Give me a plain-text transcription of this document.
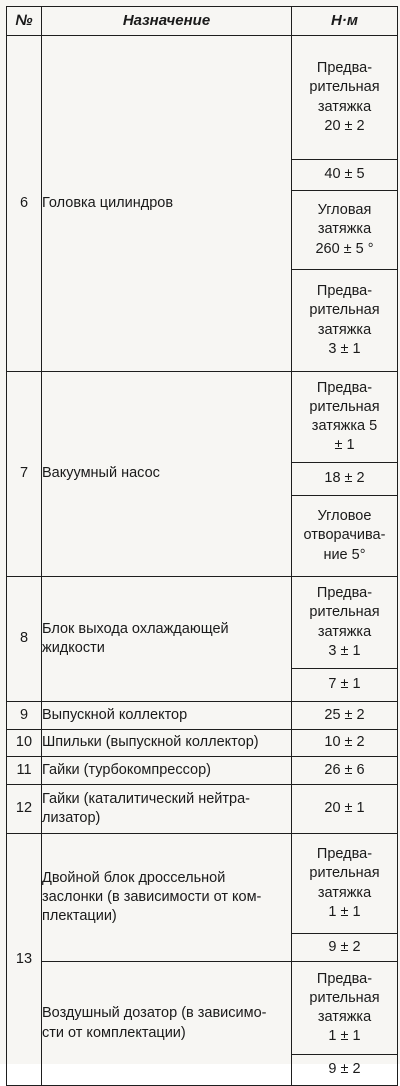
№	Назначение	Н·м
6	Головка цилиндров	Предва-
рительная
затяжка
20 ± 2
		40 ± 5
		Угловая
затяжка
260 ± 5 °
		Предва-
рительная
затяжка
3 ± 1
7	Вакуумный насос	Предва-
рительная
затяжка 5
± 1
		18 ± 2
		Угловое
отворачива-
ние 5°
8	Блок выхода охлаждающей
жидкости	Предва-
рительная
затяжка
3 ± 1
		7 ± 1
9	Выпускной коллектор	25 ± 2
10	Шпильки (выпускной коллектор)	10 ± 2
11	Гайки (турбокомпрессор)	26 ± 6
12	Гайки (каталитический нейтра-
лизатор)	20 ± 1
13	Двойной блок дроссельной
заслонки (в зависимости от ком-
плектации)	Предва-
рительная
затяжка
1 ± 1
		9 ± 2
	Воздушный дозатор (в зависимо-
сти от комплектации)	Предва-
рительная
затяжка
1 ± 1
		9 ± 2
